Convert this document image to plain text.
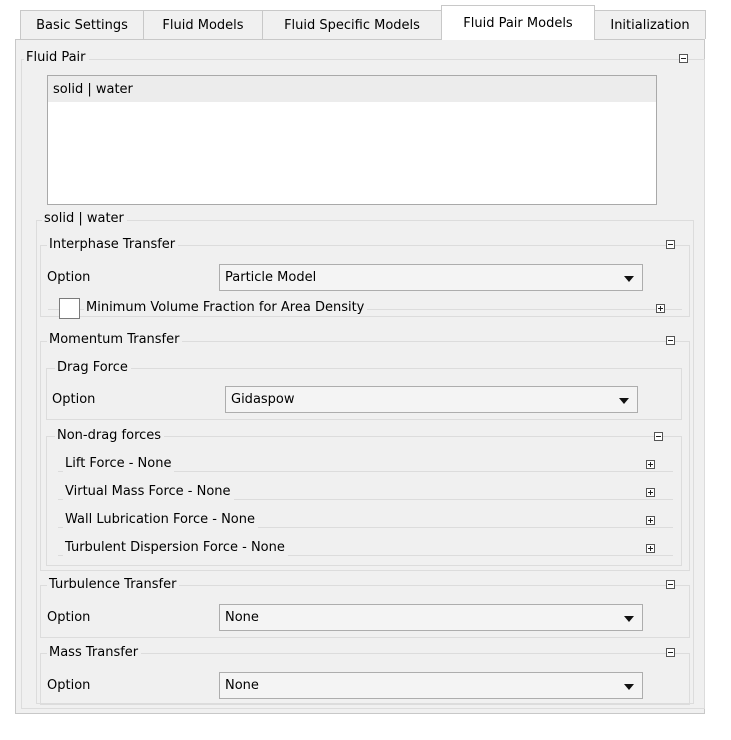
Basic Settings	Fluid Models	Fluid Specific Models	Fluid Pair Models	Initialization
Fluid Pair
solid | water
solid | water
Interphase Transfer
Option	Particle Model
Minimum Volume Fraction for Area Density
Momentum Transfer
Drag Force
Option	Gidaspow
Non-drag forces
Lift Force - None
Virtual Mass Force - None
Wall Lubrication Force - None
Turbulent Dispersion Force - None
Turbulence Transfer
Option	None
Mass Transfer
Option	None
